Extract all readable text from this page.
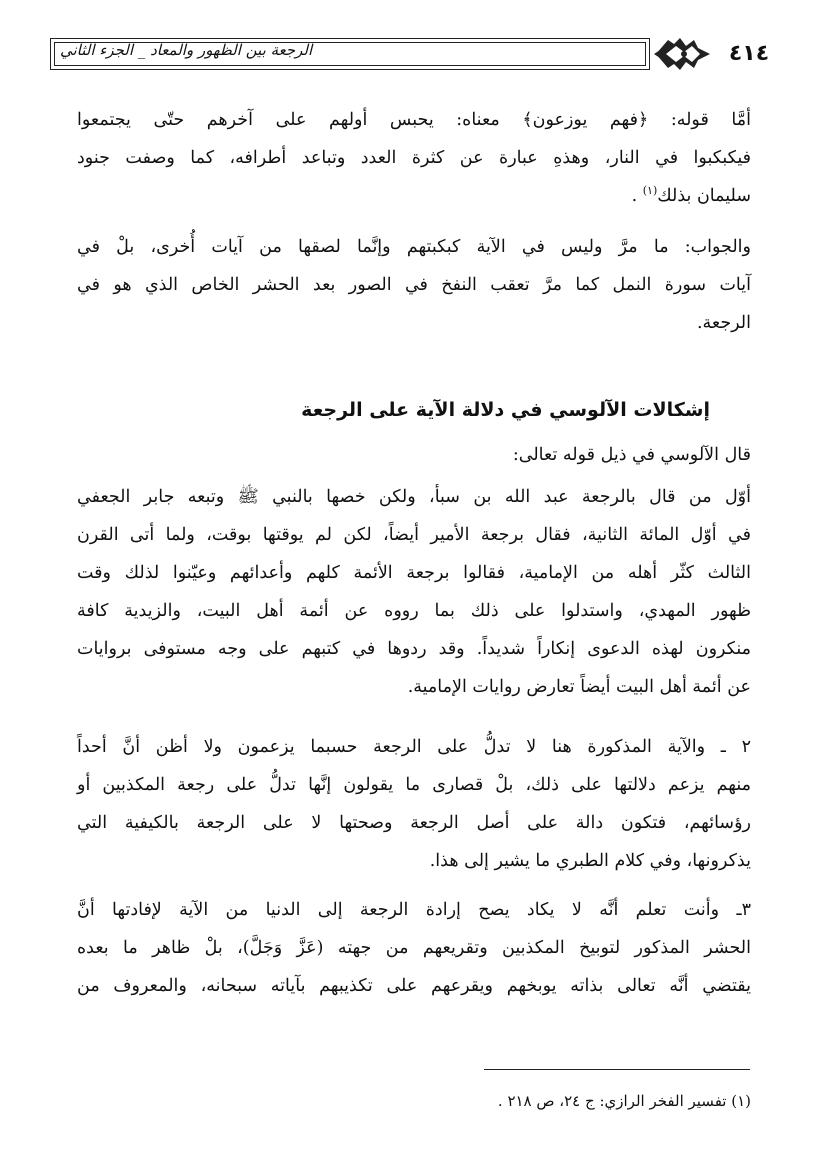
الرجعة بين الظهور والمعاد _ الجزء الثاني	٤١٤
أمَّا قوله: ﴿فهم يوزعون﴾ معناه: يحبس أولهم على آخرهم حتّى يجتمعوا
فيكبكبوا في النار، وهذهِ عبارة عن كثرة العدد وتباعد أطرافه، كما وصفت جنود
سليمان بذلك$^{(١)}$ .
والجواب: ما مرَّ وليس في الآية كبكبتهم وإنَّما لصقها من آيات أُخرى، بلْ في
آيات سورة النمل كما مرَّ تعقب النفخ في الصور بعد الحشر الخاص الذي هو في
الرجعة.
إشكالات الآلوسي في دلالة الآية على الرجعة
قال الآلوسي في ذيل قوله تعالى:
أوّل من قال بالرجعة عبد الله بن سبأ، ولكن خصها بالنبي ﷺ وتبعه جابر الجعفي
في أوّل المائة الثانية، فقال برجعة الأمير أيضاً، لكن لم يوقتها بوقت، ولما أتى القرن
الثالث كثّر أهله من الإمامية، فقالوا برجعة الأئمة كلهم وأعدائهم وعيّنوا لذلك وقت
ظهور المهدي، واستدلوا على ذلك بما رووه عن أئمة أهل البيت، والزيدية كافة
منكرون لهذه الدعوى إنكاراً شديداً. وقد ردوها في كتبهم على وجه مستوفى بروايات
عن أئمة أهل البيت أيضاً تعارض روايات الإمامية.
٢ ـ والآية المذكورة هنا لا تدلُّ على الرجعة حسبما يزعمون ولا أظن أنَّ أحداً
منهم يزعم دلالتها على ذلك، بلْ قصارى ما يقولون إنَّها تدلُّ على رجعة المكذبين أو
رؤسائهم، فتكون دالة على أصل الرجعة وصحتها لا على الرجعة بالكيفية التي
يذكرونها، وفي كلام الطبري ما يشير إلى هذا.
٣ـ وأنت تعلم أنَّه لا يكاد يصح إرادة الرجعة إلى الدنيا من الآية لإفادتها أنَّ
الحشر المذكور لتوبيخ المكذبين وتقريعهم من جهته (عَزَّ وَجَلَّ)، بلْ ظاهر ما بعده
يقتضي أنَّه تعالى بذاته يوبخهم ويقرعهم على تكذيبهم بآياته سبحانه، والمعروف من
(١) تفسير الفخر الرازي: ج ٢٤، ص ٢١٨ .
